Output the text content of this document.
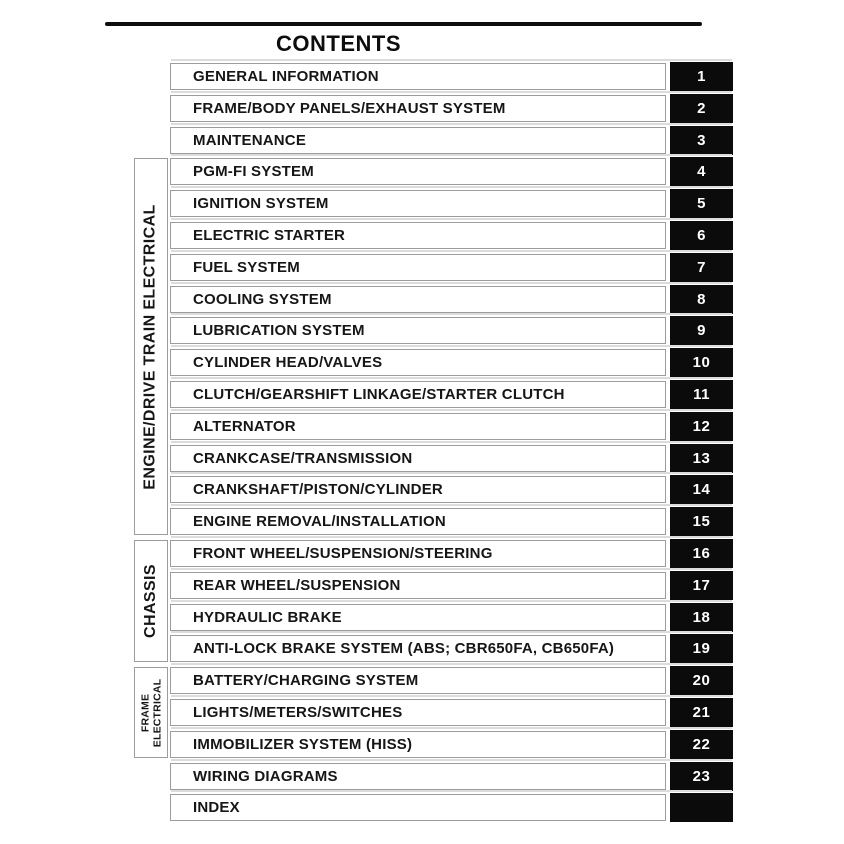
CONTENTS
GENERAL INFORMATION	1
FRAME/BODY PANELS/EXHAUST SYSTEM	2
MAINTENANCE	3
PGM-FI SYSTEM	4
IGNITION SYSTEM	5
ELECTRIC STARTER	6
FUEL SYSTEM	7
COOLING SYSTEM	8
LUBRICATION SYSTEM	9
CYLINDER HEAD/VALVES	10
CLUTCH/GEARSHIFT LINKAGE/STARTER CLUTCH	11
ALTERNATOR	12
CRANKCASE/TRANSMISSION	13
CRANKSHAFT/PISTON/CYLINDER	14
ENGINE REMOVAL/INSTALLATION	15
FRONT WHEEL/SUSPENSION/STEERING	16
REAR WHEEL/SUSPENSION	17
HYDRAULIC BRAKE	18
ANTI-LOCK BRAKE SYSTEM (ABS; CBR650FA, CB650FA)	19
BATTERY/CHARGING SYSTEM	20
LIGHTS/METERS/SWITCHES	21
IMMOBILIZER SYSTEM (HISS)	22
WIRING DIAGRAMS	23
INDEX
ENGINE/DRIVE TRAIN ELECTRICAL
CHASSIS
FRAME ELECTRICAL
